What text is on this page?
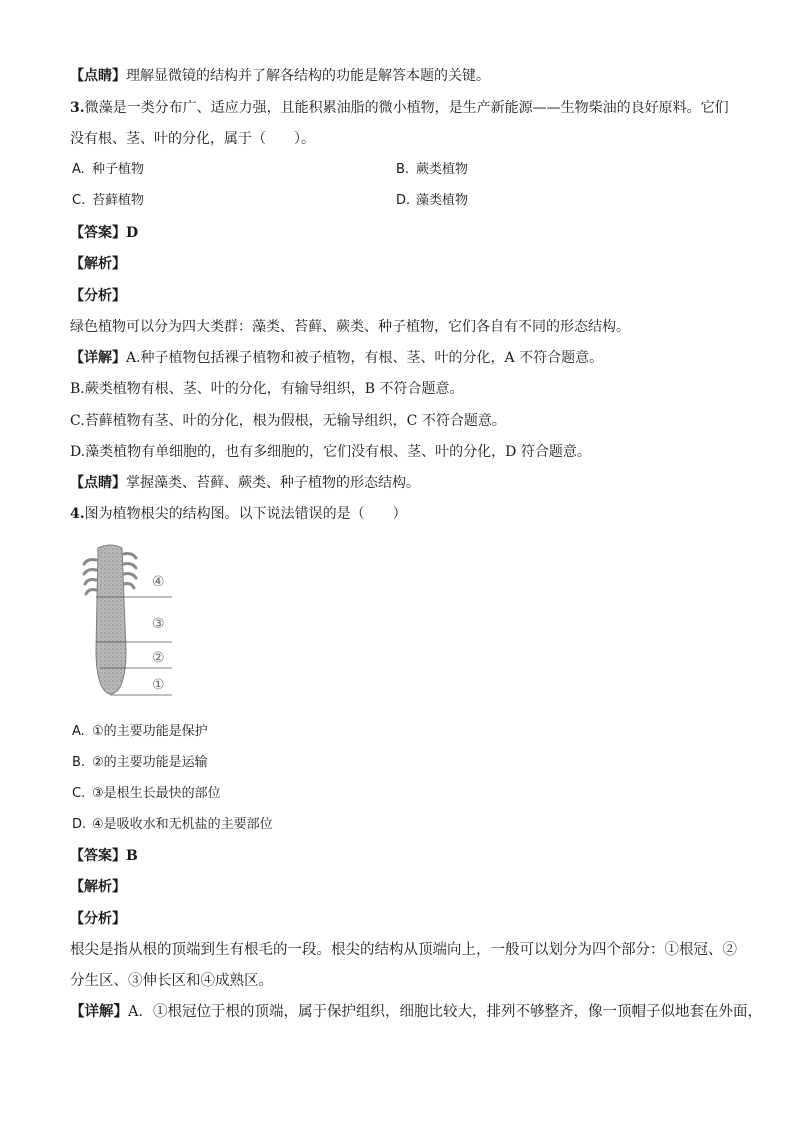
【点睛】理解显微镜的结构并了解各结构的功能是解答本题的关键。
3.微藻是一类分布广、适应力强，且能积累油脂的微小植物，是生产新能源——生物柴油的良好原料。它们
没有根、茎、叶的分化，属于（　　）。
A. 种子植物	B. 蕨类植物
C. 苔藓植物	D. 藻类植物
【答案】D
【解析】
【分析】
绿色植物可以分为四大类群：藻类、苔藓、蕨类、种子植物，它们各自有不同的形态结构。
【详解】A.种子植物包括裸子植物和被子植物，有根、茎、叶的分化，A 不符合题意。
B.蕨类植物有根、茎、叶的分化，有输导组织，B 不符合题意。
C.苔藓植物有茎、叶的分化，根为假根，无输导组织，C 不符合题意。
D.藻类植物有单细胞的，也有多细胞的，它们没有根、茎、叶的分化，D 符合题意。
【点睛】掌握藻类、苔藓、蕨类、种子植物的形态结构。
4.图为植物根尖的结构图。以下说法错误的是（　　）
④
③
②
①
A. ①的主要功能是保护
B. ②的主要功能是运输
C. ③是根生长最快的部位
D. ④是吸收水和无机盐的主要部位
【答案】B
【解析】
【分析】
根尖是指从根的顶端到生有根毛的一段。根尖的结构从顶端向上，一般可以划分为四个部分：①根冠、②
分生区、③伸长区和④成熟区。
【详解】A．①根冠位于根的顶端，属于保护组织，细胞比较大，排列不够整齐，像一顶帽子似地套在外面，
